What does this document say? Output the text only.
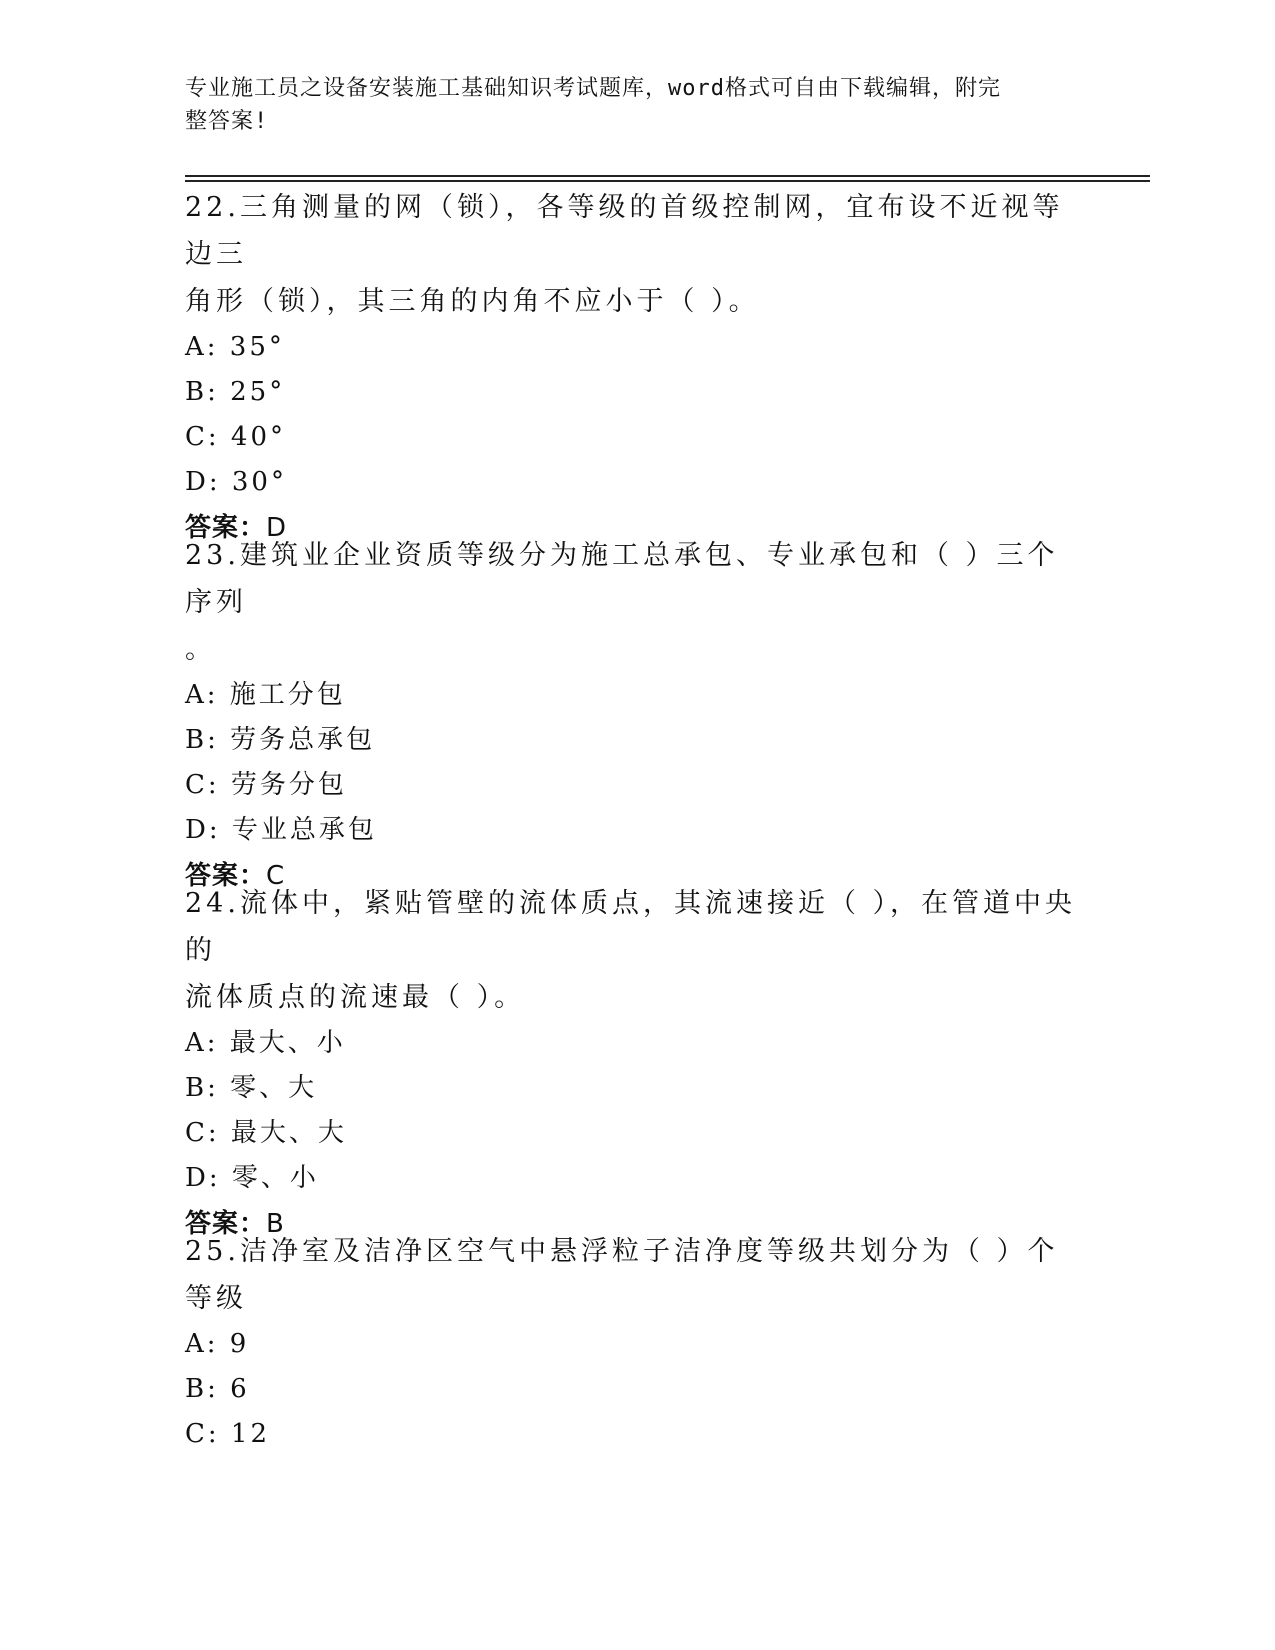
专业施工员之设备安装施工基础知识考试题库，word格式可自由下载编辑，附完
整答案!

22.三角测量的网（锁），各等级的首级控制网，宜布设不近视等边三

角形（锁），其三角的内角不应小于（ ）。

A: 35°

B: 25°

C: 40°

D: 30°

答案：D

23.建筑业企业资质等级分为施工总承包、专业承包和（ ）三个序列

。

A: 施工分包

B: 劳务总承包

C: 劳务分包

D: 专业总承包

答案：C

24.流体中，紧贴管壁的流体质点，其流速接近（ ），在管道中央的

流体质点的流速最（ ）。

A: 最大、小

B: 零、大

C: 最大、大

D: 零、小

答案：B

25.洁净室及洁净区空气中悬浮粒子洁净度等级共划分为（ ）个等级

A: 9

B: 6

C: 12
